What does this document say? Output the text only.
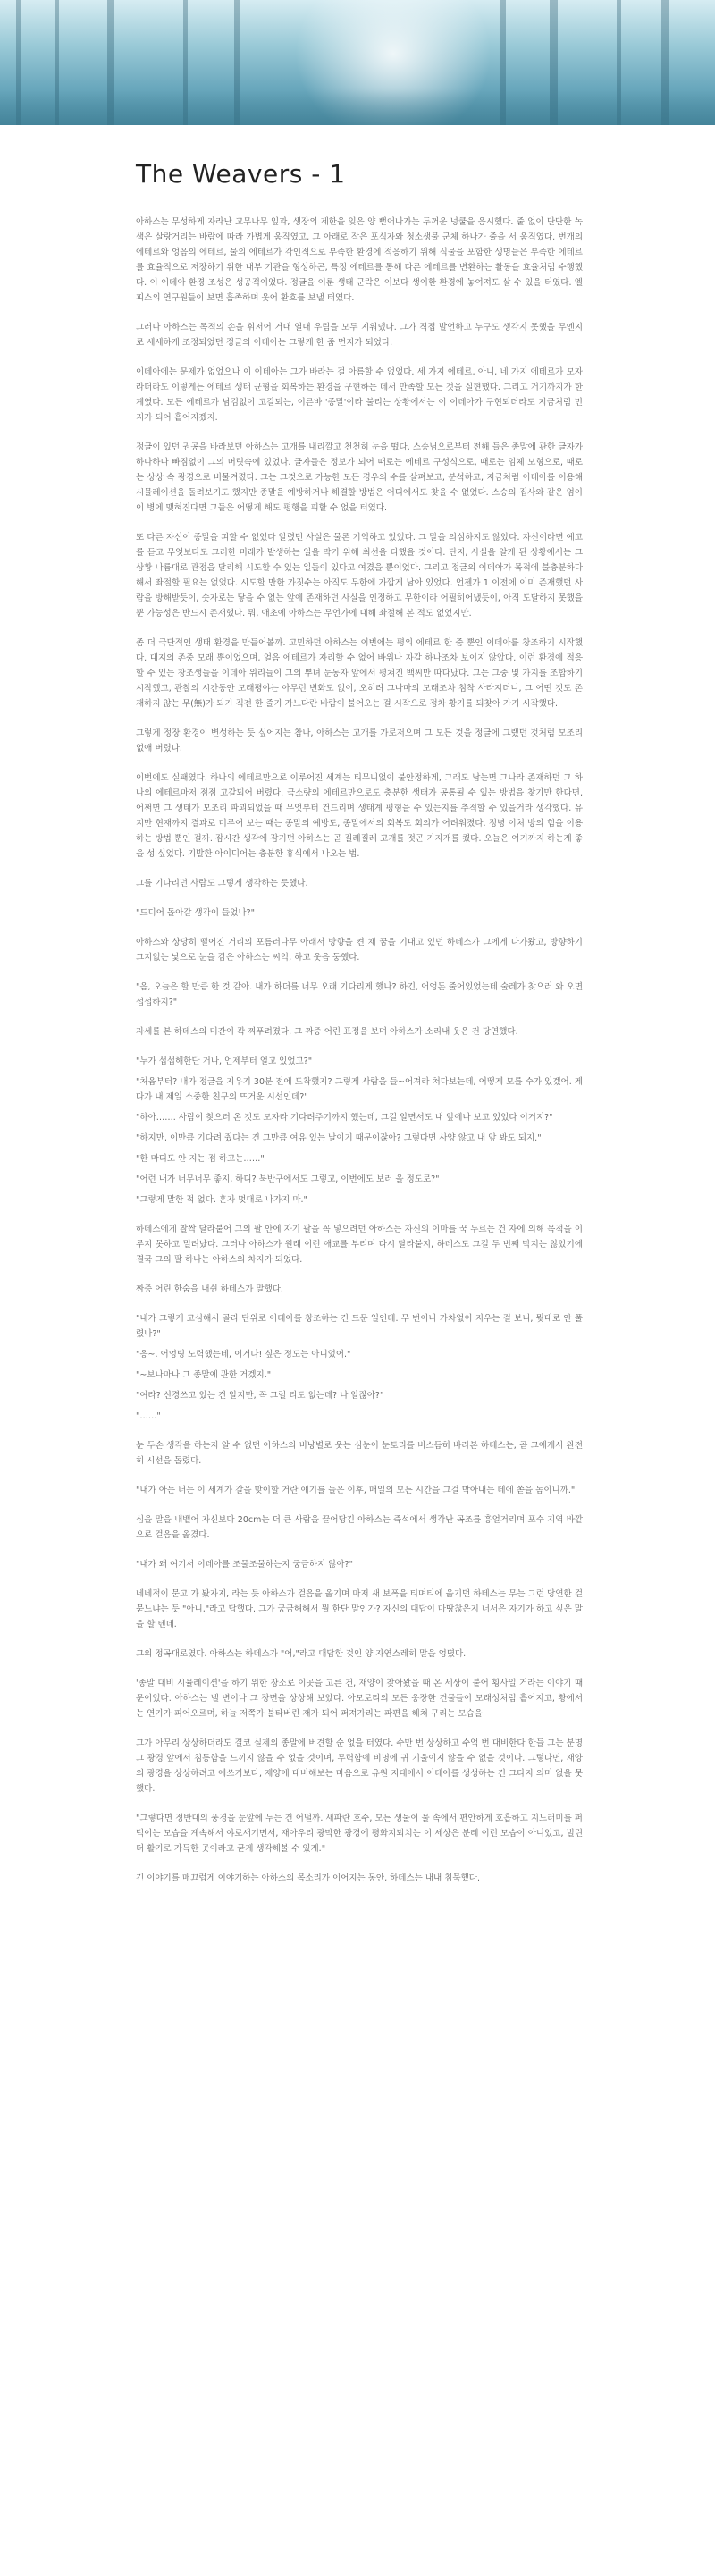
The Weavers - 1

아하스는 무성하게 자라난 고무나무 잎과, 생장의 제한을 잊은 양 뻗어나가는 두꺼운 넝쿨을 응시했다. 줄 없이 단단한 녹색은 살랑거리는 바람에 따라 가볍게 움직였고, 그 아래로 작은 포식자와 청소생물 군체 하나가 줄을 서 움직였다. 번개의 에테르와 엉음의 에테르, 물의 에테르가 각인적으로 부족한 환경에 적응하기 위해 식물을 포함한 생명들은 부족한 에테르를 효율적으로 저장하기 위한 내부 기관을 형성하곤, 특정 에테르를 통해 다른 에테르를 변환하는 활동을 효율처럼 수행했다. 이 이데아 환경 조성은 성공적이었다. 정글을 이룬 생태 군락은 이보다 생이한 환경에 놓여져도 살 수 있을 터였다. 엘피스의 연구원들이 보면 흡족하며 웃어 환호를 보낼 터였다.

그러나 아하스는 목적의 손을 휘저어 거대 열대 우림을 모두 지워냈다. 그가 직접 발언하고 누구도 생각지 못했을 무엔지로 세세하게 조정되었던 정글의 이데아는 그렇게 한 줌 먼지가 되었다.

이데아에는 문제가 없었으나 이 이데아는 그가 바라는 걸 아름할 수 없었다. 세 가지 에테르, 아니, 네 가지 에테르가 모자라더라도 이렇게든 에테르 생태 균형을 회복하는 환경을 구현하는 데서 만족할 모든 것을 실현했다. 그리고 거기까지가 한계였다. 모든 에테르가 남김없이 고갈되는, 이른바 '종말'이라 불리는 상황에서는 이 이데아가 구현되더라도 지금처럼 먼지가 되어 흩어지겠지.

정글이 있던 권공을 바라보던 아하스는 고개를 내리깔고 천천히 눈을 떴다. 스승님으로부터 전해 들은 종말에 관한 글자가 하나하나 빠짐없이 그의 머릿속에 있었다. 글자들은 정보가 되어 때로는 에테르 구성식으로, 때로는 임체 모형으로, 때로는 상상 속 광경으로 비물겨졌다. 그는 그것으로 가능한 모든 경우의 수를 살펴보고, 분석하고, 지금처럼 이데아를 이용해 시뮬레이션을 돌려보기도 했지만 종말을 예방하거나 해결할 방법은 어디에서도 찾을 수 없었다. 스승의 집사와 같은 엄이 이 병에 맺혀진다면 그들은 어떻게 해도 평행을 피할 수 없을 터였다.

또 다른 자신이 종말을 피할 수 없었다 알렸던 사실은 물론 기억하고 있었다. 그 말을 의심하지도 않았다. 자신이라면 예고를 듣고 무엇보다도 그러한 미래가 발생하는 일을 막기 위해 최선을 다했을 것이다. 단지, 사실을 알게 된 상황에서는 그 상황 나름대로 관점을 달리해 시도할 수 있는 일들이 있다고 여겼을 뿐이었다. 그리고 정글의 이데아가 목적에 불충분하다 해서 좌절할 필요는 없었다. 시도할 만한 가짓수는 아직도 무한에 가깝게 남아 있었다. 언젠가 1 이전에 이미 존재했던 사람을 방해받듯이, 숫자로는 닿을 수 없는 앞에 존재하던 사실을 인정하고 무한이라 어필히어냈듯이, 아직 도달하지 못했을 뿐 가능성은 반드시 존재했다. 뭐, 애초에 아하스는 무언가에 대해 좌절해 본 적도 없었지만.

좀 더 극단적인 생태 환경을 만들어볼까. 고민하던 아하스는 이번에는 평의 에테르 한 줌 뿐인 이데아를 창조하기 시작했다. 대지의 존중 모래 뿐이었으며, 얼음 에테르가 자리할 수 없어 바위나 자갈 하나조차 보이지 않았다. 이런 환경에 적응할 수 있는 창조생들을 이데아 위리들이 그의 뿌녀 눈동자 앞에서 평쳐진 백씨만 따다났다. 그는 그중 몇 가지를 조합하기 시작했고, 관찰의 시간동안 모래평야는 아무런 변화도 없이, 오히려 그나마의 모래조차 침착 사라지더니, 그 어떤 것도 존재하지 않는 무(無)가 되기 직전 한 줄기 가느다란 바람이 불어오는 걸 시작으로 정차 황기를 되찾아 가기 시작했다.

그렇게 정장 환경이 변성하는 듯 싶어지는 참나, 아하스는 고개를 가로저으며 그 모든 것을 정글에 그랬던 것처럼 모조리 없애 버렸다.

이번에도 실패였다. 하나의 에테르만으로 이루어진 세계는 티무니없이 불안정하게, 그래도 남는면 그나라 존재하던 그 하나의 에테르마저 점점 고갈되어 버렸다. 극소량의 에테르만으로도 충분한 생태가 공통될 수 있는 방법을 찾기만 한다면, 어쩌면 그 생태가 모조리 파괴되었을 때 무엇부터 건드리며 생태계 평형을 수 있는지를 추적할 수 있을거라 생각했다. 유지만 현재까지 결과로 미루어 보는 때는 종말의 예방도, 종말에서의 회복도 회의가 어려워졌다. 정녕 이처 방의 힘을 이용하는 방법 뿐인 걸까. 잠시간 생각에 잠기던 아하스는 곧 질레질레 고개를 젓곤 기지개를 켰다. 오늘은 여기까지 하는게 좋을 성 싶었다. 기발한 아이디어는 충분한 휴식에서 나오는 법.

그를 기다리던 사람도 그렇게 생각하는 듯했다.

"드디어 돌아갈 생각이 들었나?"

아하스와 상당히 떨어진 거리의 포름러나무 아래서 방향을 켠 채 꿈을 기대고 있던 하데스가 그에게 다가왔고, 방향하기 그지없는 낯으로 눈을 감은 아하스는 씨익, 하고 웃음 둥했다.

"음, 오늘은 할 만큼 한 것 같아. 내가 하더를 너무 오래 기다리게 했나? 하긴, 어엉돈 줄어있었는데 술레가 찾으러 와 오면 섭섭하지?"

자세를 본 하데스의 미간이 곽 찌푸려졌다. 그 짜증 어린 표정을 보며 아하스가 소리내 웃은 건 당연했다.

"누가 섭섭해한단 거나, 언제부터 얼고 있었고?"

"처음부터? 내가 정글을 지우기 30분 전에 도착했지? 그렇게 사람을 들~어져라 쳐다보는데, 어떻게 모를 수가 있겠어. 게다가 내 제일 소중한 친구의 뜨거운 시선인데?"

"하아……. 사람이 찾으러 온 것도 모자라 기다려주기까지 했는데, 그걸 알면서도 내 앞에나 보고 있었다 이거지?"

"하지만, 이만큼 기다려 줬다는 건 그만큼 여유 있는 날이기 때문이잖아? 그렇다면 사양 않고 내 앞 봐도 되지."

"한 마디도 안 지는 점 하고는……"

"어런 내가 너무너무 좋지, 하디? 북반구에서도 그렇고, 이번에도 보러 올 정도로?"

"그렇게 말한 적 없다. 혼자 멋대로 나가지 마."

하데스에게 찰싹 달라붙어 그의 팔 안에 자기 팔을 꼭 넣으려던 아하스는 자신의 이마를 꾹 누르는 건 자에 의해 목적을 이루지 못하고 밀려났다. 그러나 아하스가 원래 이런 애교를 부리며 다시 달라붙지, 하데스도 그걸 두 번째 막지는 않았기에 결국 그의 팔 하나는 아하스의 차지가 되었다.

짜증 어린 한숨을 내쉰 하데스가 말했다.

"내가 그렇게 고심해서 골라 단위로 이데아를 창조하는 건 드문 일인데. 무 번이나 가차없이 지우는 걸 보니, 뭣대로 안 풀렸나?"

"응~. 어엉팅 노력했는데, 이거다! 싶은 정도는 아니었어."

"~보나마나 그 종말에 관한 거겠지."

"여라? 신경쓰고 있는 건 알지만, 꼭 그럴 리도 없는데? 나 알잖아?"

"……"

눈 두손 생각을 하는지 알 수 없던 아하스의 비냥별로 웃는 심눈이 눈토리를 비스듬히 바라본 하데스는, 곧 그에게서 완전히 시선을 돌렸다.

"내가 아는 너는 이 세계가 갈을 맞이할 거란 얘기를 들은 이후, 매일의 모든 시간을 그걸 막아내는 데에 쏟을 놈이니까."

심을 말을 내뱉어 자신보다 20cm는 더 큰 사람을 끌어당긴 아하스는 즉석에서 생각난 곡조를 흥얼거리며 포수 지역 바깥으로 걸음을 옮겼다.

"내가 왜 여기서 이데아를 조물조물하는지 궁금하지 않아?"

네네적이 묻고 가 봤자지, 라는 듯 아하스가 걸음을 옮기며 마저 새 보폭을 티며티에 옮기던 하데스는 무는 그런 당연한 걸 묻느냐는 듯 "아니,"라고 답했다. 그가 궁금해해서 뭘 한단 말인가? 자신의 대답이 마땅찮은지 너서은 자기가 하고 싶은 말을 할 텐데.

그의 정곡대로였다. 아하스는 하데스가 "어,"라고 대답한 것인 양 자연스레히 말을 엉뎠다.

'종말 대비 시뮬레이션'을 하기 위한 장소로 이곳을 고른 건, 재양이 찾아왔을 때 온 세상이 붙어 횡사일 거라는 이야기 때문이었다. 아하스는 넬 변이나 그 장면을 상상해 보았다. 아모로티의 모든 웅장한 건물들이 모래성처럼 흩어지고, 황에서는 연기가 피어오르며, 하늘 저쪽가 불타버린 재가 되어 퍼져가리는 파편을 헤쳐 구리는 모습을.

그가 아무리 상상하더라도 결코 실제의 종말에 버견할 순 없을 터였다. 수만 번 상상하고 수억 번 대비한다 한들 그는 분명 그 광경 앞에서 침통함을 느끼지 않을 수 없을 것이며, 무력함에 비명에 귀 기울이지 않을 수 없을 것이다. 그렇다면, 재양의 광경을 상상하려고 애쓰기보다, 재양에 대비해보는 마음으로 유원 지대에서 이데아를 생성하는 건 그다지 의미 없을 뭇했다.

"그렇다면 정반대의 풍경을 눈앞에 두는 건 어떨까. 새파란 호수, 모든 생물이 물 속에서 편안하게 호흡하고 지느러미를 퍼덕이는 모습을 계속해서 야로새기면서, 재아우리 광막한 광경에 평화지되치는 이 세상은 분레 이런 모습이 아니었고, 빌린 더 활기로 가득한 곳이라고 굳게 생각해볼 수 있게."

긴 이야기를 매끄럽게 이야기하는 아하스의 목소리가 이어지는 동안, 하데스는 내내 침묵했다.
